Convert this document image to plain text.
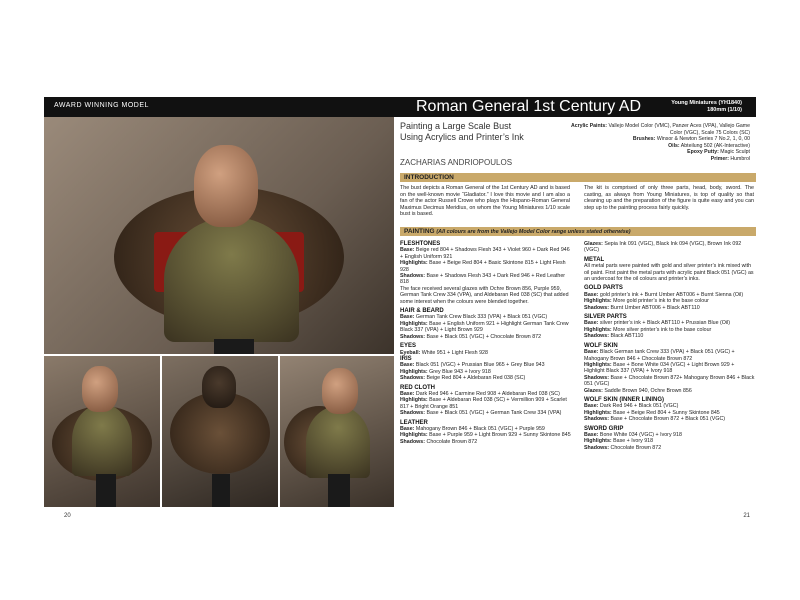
20
Painting a Large Scale Bust
Using Acrylics and Printer’s Ink
ZACHARIAS ANDRIOPOULOS
Acrylic Paints: Vallejo Model Color (VMC), Panzer Aces (VPA), Vallejo Game Color (VGC), Scale 75 Colors (SC)
Brushes: Winsor & Newton Series 7 No.2, 1, 0, 00
Oils: Abteilung 502 (AK-Interactive)
Epoxy Putty: Magic Sculpt
Primer: Humbrol
INTRODUCTION
The bust depicts a Roman General of the 1st Century AD and is based on the well-known movie “Gladiator.” I love this movie and I am also a fan of the actor Russell Crowe who plays the Hispano-Roman General Maximus Decimus Meridius, on whom the Young Miniatures 1/10 scale bust is based.
The kit is comprised of only three parts, head, body, sword. The casting, as always from Young Miniatures, is top of quality so that cleaning up and the preparation of the figure is quite easy and you can step up to the painting process fairly quickly.
PAINTING (All colours are from the Vallejo Model Color range unless stated otherwise)
FLESHTONES

Base: Beige red 804 + Shadows Flesh 343 + Violet 960 + Dark Red 946 + English Uniform 921

Highlights: Base + Beige Red 804 + Basic Skintone 815 + Light Flesh 928

Shadows: Base + Shadows Flesh 343 + Dark Red 946 + Red Leather 818

The face received several glazes with Ochre Brown 856, Purple 959, German Tank Crew 334 (VPA), and Aldebaran Red 038 (SC) that added some interest when the colours were blended together.

HAIR & BEARD

Base: German Tank Crew Black 333 (VPA) + Black 051 (VGC)

Highlights: Base + English Uniform 921 + Highlight German Tank Crew Black 337 (VPA) + Light Brown 929

Shadows: Base + Black 051 (VGC) + Chocolate Brown 872

EYES

Eyeball: White 951 + Light Flesh 928

IRIS

Base: Black 051 (VGC) + Prussian Blue 965 + Grey Blue 943

Highlights: Grey Blue 943 + Ivory 918

Shadows: Beige Red 804 + Aldebaran Red 038 (SC)

RED CLOTH

Base: Dark Red 946 + Carmine Red 908 + Aldebaran Red 038 (SC)

Highlights: Base + Aldebaran Red 038 (SC) + Vermillion 909 + Scarlet 817 + Bright Orange 851

Shadows: Base + Black 051 (VGC) + German Tank Crew 334 (VPA)

LEATHER

Base: Mahogany Brown 846 + Black 051 (VGC) + Purple 959

Highlights: Base + Purple 959 + Light Brown 929 + Sunny Skintone 845

Shadows: Chocolate Brown 872

Glazes: Sepia Ink 091 (VGC), Black Ink 094 (VGC), Brown Ink 092 (VGC)

METAL

All metal parts were painted with gold and silver printer’s ink mixed with oil paint. First paint the metal parts with acrylic paint Black 051 (VGC) as an undercoat for the oil colours and printer’s inks.

GOLD PARTS

Base: gold printer’s ink + Burnt Umber ABT006 + Burnt Sienna (Oil)

Highlights: More gold printer’s ink to the base colour

Shadows: Burnt Umber ABT006 + Black ABT110

SILVER PARTS

Base: silver printer’s ink + Black ABT110 + Prussian Blue (Oil)

Highlights: More silver printer’s ink to the base colour

Shadows: Black ABT110

WOLF SKIN

Base: Black German tank Crew 333 (VPA) + Black 051 (VGC) + Mahogany Brown 846 + Chocolate Brown 872

Highlights: Base + Bone White 034 (VGC) + Light Brown 929 + Highlight Black 337 (VPA) + Ivory 918

Shadows: Base + Chocolate Brown 872+ Mahogany Brown 846 + Black 051 (VGC)

Glazes: Saddle Brown 940, Ochre Brown 856

WOLF SKIN (INNER LINING)

Base: Dark Red 946 + Black 051 (VGC)

Highlights: Base + Beige Red 804 + Sunny Skintone 845

Shadows: Base + Chocolate Brown 872 + Black 051 (VGC)

SWORD GRIP

Base: Bone White 034 (VGC) + Ivory 918

Highlights: Base + Ivory 918

Shadows: Chocolate Brown 872

21
AWARD WINNING MODEL	Roman General 1st Century AD	Young Miniatures (YH1840)
180mm (1/10)
